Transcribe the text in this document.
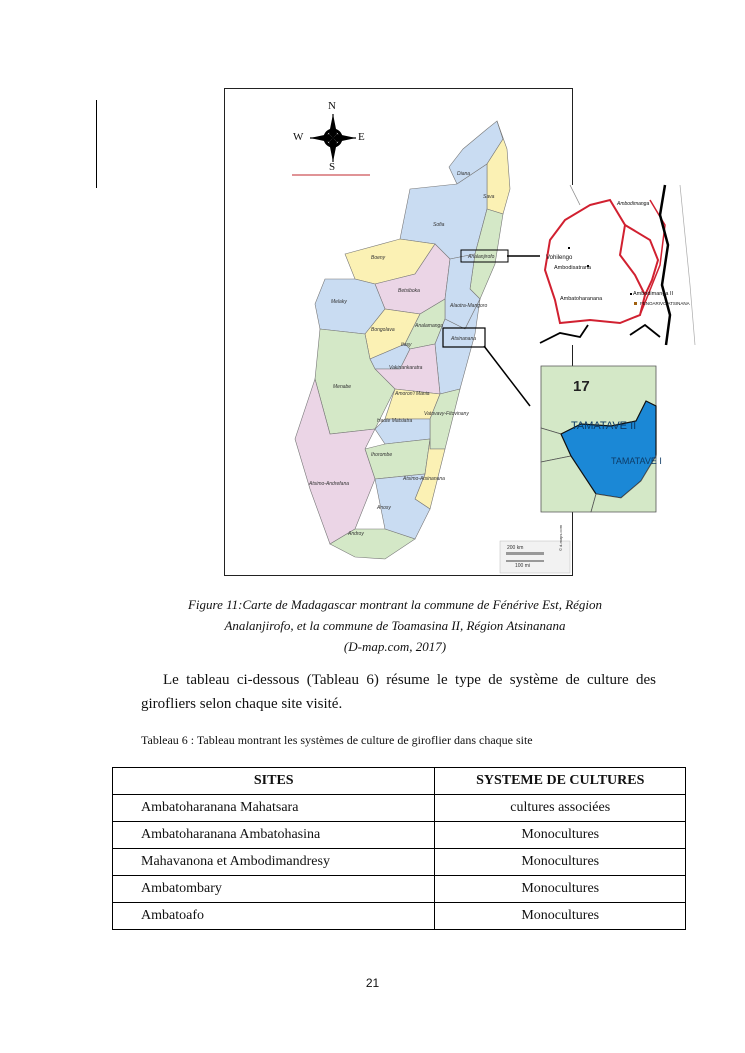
Diana
Sava
Sofia
Analanjirofo
Boeny
Betsiboka
Alaotra-Mangoro
Melaky
Bongolava
Analamanga
Itasy
Atsinanana
Vakinankaratra
Menabe
Amoron'i Mania
Vatovavy-Fitovinany
Haute Matsiatra
Ihorombe
Atsimo-Atsinanana
Atsimo-Andrefana
Anosy
Androy
200 km
100 mi
© d-maps.com
N
S
W	E
Ambodimanga
Vohilengo
Ambodisatrana
Ambatoharanana
Ambodimanga II
FENOARIVO ATSINANA
17
TAMATAVE II
TAMATAVE I
Figure 11:Carte de Madagascar montrant la commune de Fénérive Est, Région
Analanjirofo, et la commune de Toamasina II, Région Atsinanana
(D-map.com, 2017)
Le tableau ci-dessous (Tableau 6) résume le type de système de culture des girofliers selon chaque site visité.
Tableau 6 : Tableau montrant les systèmes de culture de giroflier dans chaque site
SITES	SYSTEME DE CULTURES
Ambatoharanana Mahatsara	cultures associées
Ambatoharanana Ambatohasina	Monocultures
Mahavanona et Ambodimandresy	Monocultures
Ambatombary	Monocultures
Ambatoafo	Monocultures
21
